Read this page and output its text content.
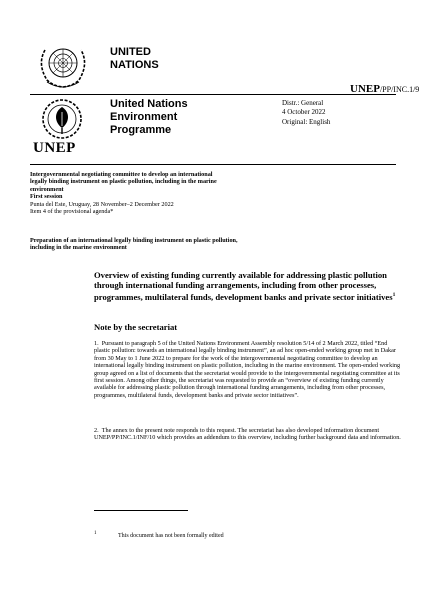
UNITED
NATIONS
UNEP/PP/INC.1/9
United Nations
Environment
Programme
Distr.: General
4 October 2022
Original: English
UNEP
Intergovernmental negotiating committee to develop an international legally binding instrument on plastic pollution, including in the marine environment
First session
Punta del Este, Uruguay, 28 November–2 December 2022
Item 4 of the provisional agenda*
Preparation of an international legally binding instrument on plastic pollution, including in the marine environment
Overview of existing funding currently available for addressing plastic pollution through international funding arrangements, including from other processes, programmes, multilateral funds, development banks and private sector initiatives$^1$
Note by the secretariat
1.  Pursuant to paragraph 5 of the United Nations Environment Assembly resolution 5/14 of 2 March 2022, titled “End plastic pollution: towards an international legally binding instrument”, an ad hoc open-ended working group met in Dakar from 30 May to 1 June 2022 to prepare for the work of the intergovernmental negotiating committee to develop an international legally binding instrument on plastic pollution, including in the marine environment. The open-ended working group agreed on a list of documents that the secretariat would provide to the intergovernmental negotiating committee at its first session. Among other things, the secretariat was requested to provide an “overview of existing funding currently available for addressing plastic pollution through international funding arrangements, including from other processes, programmes, multilateral funds, development banks and private sector initiatives”.
2.  The annex to the present note responds to this request. The secretariat has also developed information document UNEP/PP/INC.1/INF/10 which provides an addendum to this overview, including further background data and information.
1	This document has not been formally edited
